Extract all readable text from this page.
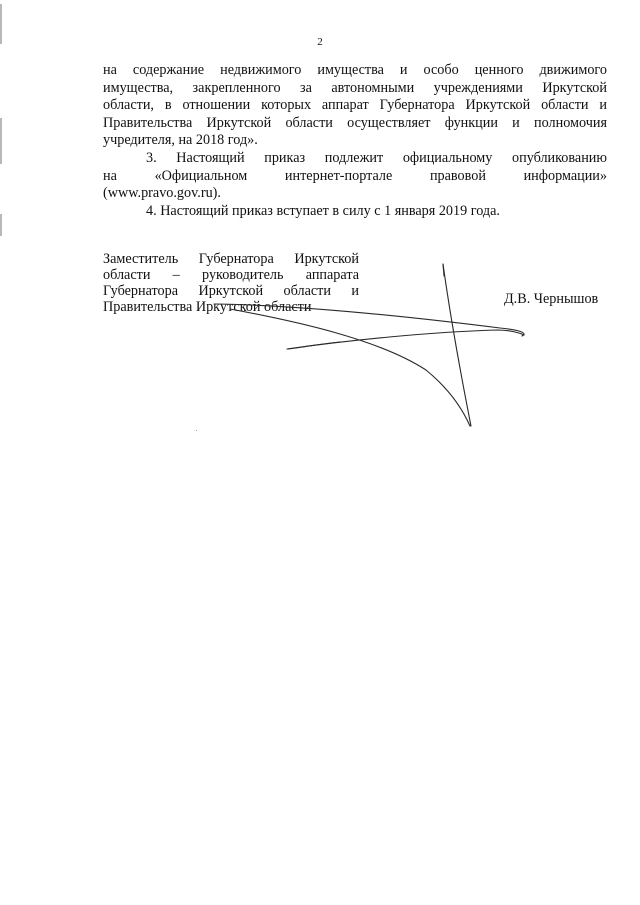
2

на содержание недвижимого имущества и особо ценного движимого

имущества, закрепленного за автономными учреждениями Иркутской

области, в отношении которых аппарат Губернатора Иркутской области и

Правительства Иркутской области осуществляет функции и полномочия

учредителя, на 2018 год».

3. Настоящий приказ подлежит официальному опубликованию

на «Официальном интернет-портале правовой информации»

(www.pravo.gov.ru).

4. Настоящий приказ вступает в силу с 1 января 2019 года.

Заместитель Губернатора Иркутской
области – руководитель аппарата
Губернатора Иркутской области и
Правительства Иркутской области	Д.В. Чернышов
